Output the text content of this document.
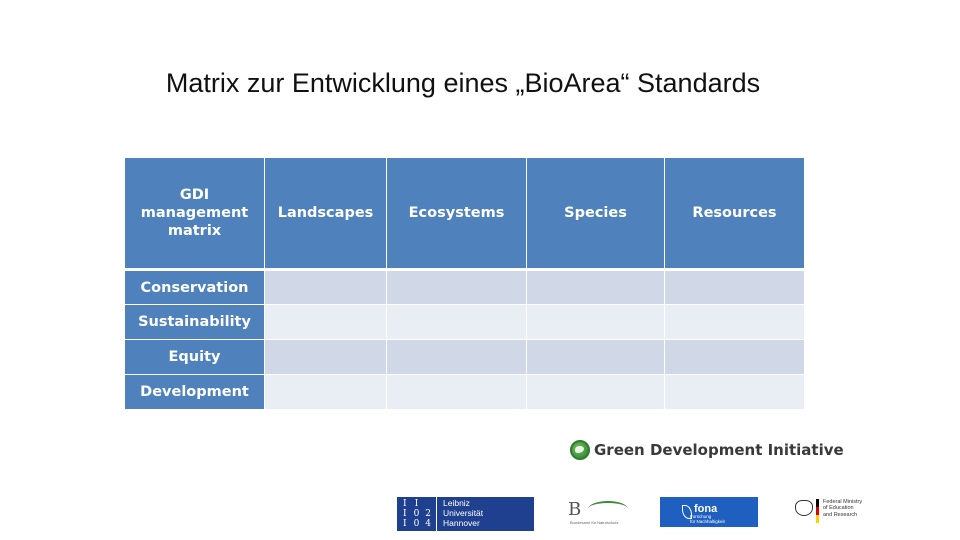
Matrix zur Entwicklung eines „BioArea“ Standards
GDI management matrix	Landscapes	Ecosystems	Species	Resources
Conservation				
Sustainability				
Equity				
Development				
Green Development Initiative
I I
I 0 2
I 0 4
Leibniz
Universität
Hannover
B
Bundesamt für Naturschutz
fona
Forschung
für Nachhaltigkeit
Federal Ministry
of Education
and Research
